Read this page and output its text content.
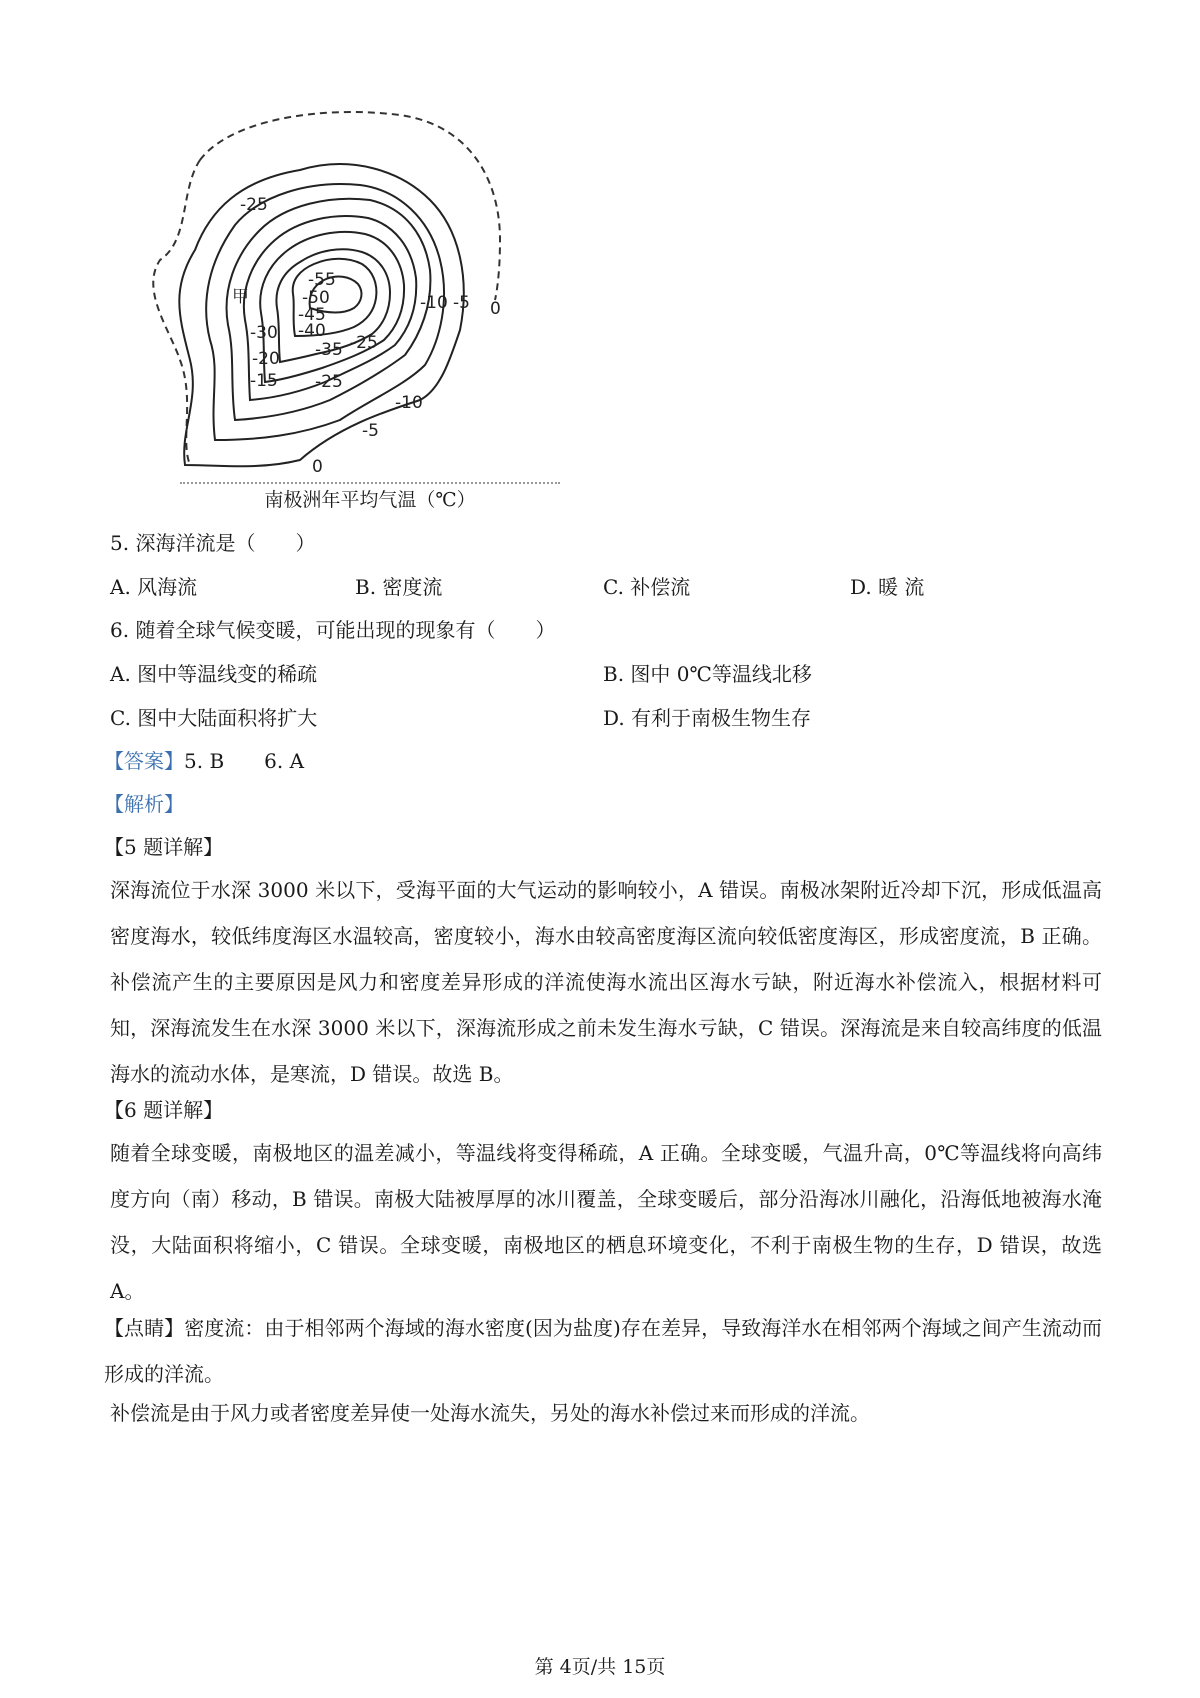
-25
-55
-50
-45
-40
-30
-20
-15
-35 -25
-25
-10 -5 0
-10
-5
0
甲
南极洲年平均气温（℃）
5. 深海洋流是（　　）
A. 风海流	B. 密度流	C. 补偿流	D. 暖 流
6. 随着全球气候变暖，可能出现的现象有（　　）
A. 图中等温线变的稀疏	B. 图中 0℃等温线北移
C. 图中大陆面积将扩大	D. 有利于南极生物生存
【答案】5. B　　6. A
【解析】
【5 题详解】
深海流位于水深 3000 米以下，受海平面的大气运动的影响较小，A 错误。南极冰架附近冷却下沉，形成低温高密度海水，较低纬度海区水温较高，密度较小，海水由较高密度海区流向较低密度海区，形成密度流，B 正确。补偿流产生的主要原因是风力和密度差异形成的洋流使海水流出区海水亏缺，附近海水补偿流入，根据材料可知，深海流发生在水深 3000 米以下，深海流形成之前未发生海水亏缺，C 错误。深海流是来自较高纬度的低温海水的流动水体，是寒流，D 错误。故选 B。
【6 题详解】
随着全球变暖，南极地区的温差减小，等温线将变得稀疏，A 正确。全球变暖，气温升高，0℃等温线将向高纬度方向（南）移动，B 错误。南极大陆被厚厚的冰川覆盖，全球变暖后，部分沿海冰川融化，沿海低地被海水淹没，大陆面积将缩小，C 错误。全球变暖，南极地区的栖息环境变化，不利于南极生物的生存，D 错误，故选 A。
【点睛】密度流：由于相邻两个海域的海水密度(因为盐度)存在差异，导致海洋水在相邻两个海域之间产生流动而形成的洋流。
补偿流是由于风力或者密度差异使一处海水流失，另处的海水补偿过来而形成的洋流。
第 4页/共 15页
